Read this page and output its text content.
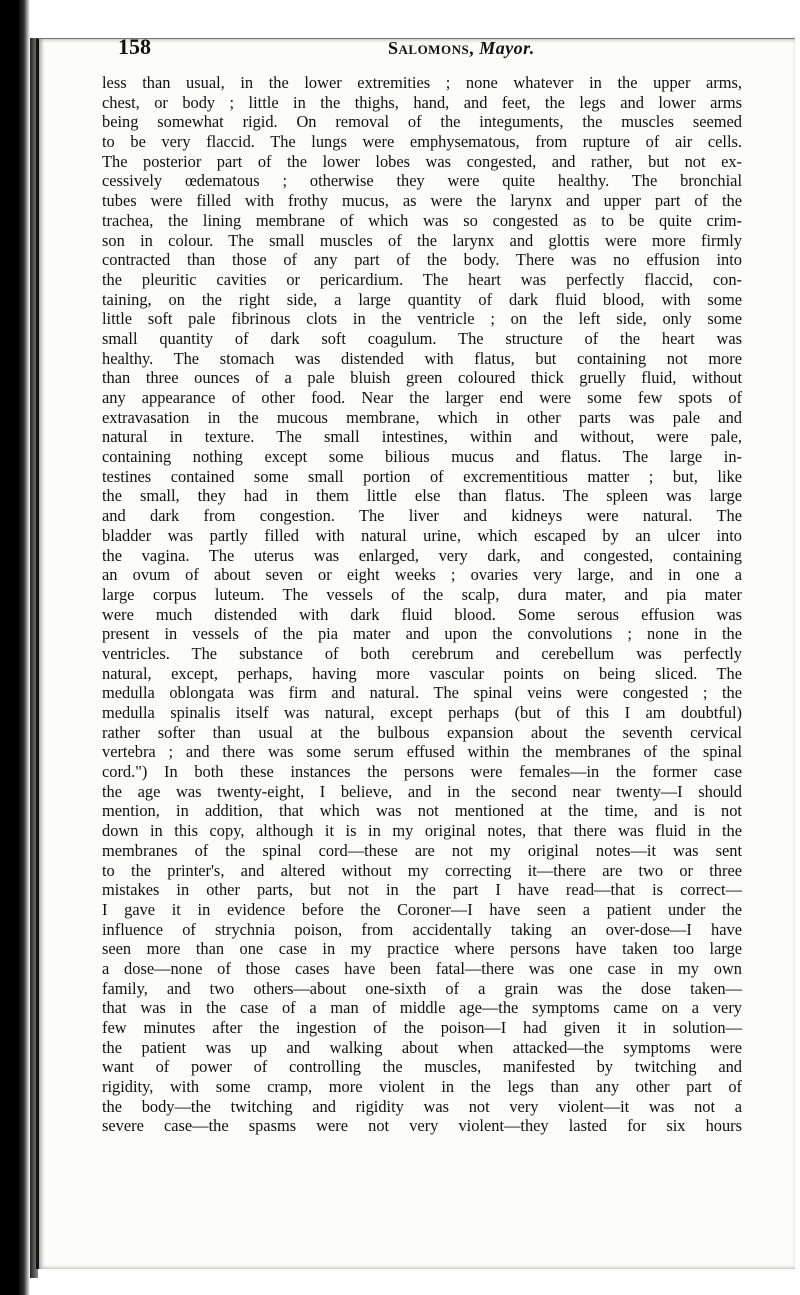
158	Salomons, Mayor.
less than usual, in the lower extremities ; none whatever in the upper arms,
chest, or body ; little in the thighs, hand, and feet, the legs and lower arms
being somewhat rigid. On removal of the integuments, the muscles seemed
to be very flaccid. The lungs were emphysematous, from rupture of air cells.
The posterior part of the lower lobes was congested, and rather, but not ex-
cessively œdematous ; otherwise they were quite healthy. The bronchial
tubes were filled with frothy mucus, as were the larynx and upper part of the
trachea, the lining membrane of which was so congested as to be quite crim-
son in colour. The small muscles of the larynx and glottis were more firmly
contracted than those of any part of the body. There was no effusion into
the pleuritic cavities or pericardium. The heart was perfectly flaccid, con-
taining, on the right side, a large quantity of dark fluid blood, with some
little soft pale fibrinous clots in the ventricle ; on the left side, only some
small quantity of dark soft coagulum. The structure of the heart was
healthy. The stomach was distended with flatus, but containing not more
than three ounces of a pale bluish green coloured thick gruelly fluid, without
any appearance of other food. Near the larger end were some few spots of
extravasation in the mucous membrane, which in other parts was pale and
natural in texture. The small intestines, within and without, were pale,
containing nothing except some bilious mucus and flatus. The large in-
testines contained some small portion of excrementitious matter ; but, like
the small, they had in them little else than flatus. The spleen was large
and dark from congestion. The liver and kidneys were natural. The
bladder was partly filled with natural urine, which escaped by an ulcer into
the vagina. The uterus was enlarged, very dark, and congested, containing
an ovum of about seven or eight weeks ; ovaries very large, and in one a
large corpus luteum. The vessels of the scalp, dura mater, and pia mater
were much distended with dark fluid blood. Some serous effusion was
present in vessels of the pia mater and upon the convolutions ; none in the
ventricles. The substance of both cerebrum and cerebellum was perfectly
natural, except, perhaps, having more vascular points on being sliced. The
medulla oblongata was firm and natural. The spinal veins were congested ; the
medulla spinalis itself was natural, except perhaps (but of this I am doubtful)
rather softer than usual at the bulbous expansion about the seventh cervical
vertebra ; and there was some serum effused within the membranes of the spinal
cord.") In both these instances the persons were females—in the former case
the age was twenty-eight, I believe, and in the second near twenty—I should
mention, in addition, that which was not mentioned at the time, and is not
down in this copy, although it is in my original notes, that there was fluid in the
membranes of the spinal cord—these are not my original notes—it was sent
to the printer's, and altered without my correcting it—there are two or three
mistakes in other parts, but not in the part I have read—that is correct—
I gave it in evidence before the Coroner—I have seen a patient under the
influence of strychnia poison, from accidentally taking an over-dose—I have
seen more than one case in my practice where persons have taken too large
a dose—none of those cases have been fatal—there was one case in my own
family, and two others—about one-sixth of a grain was the dose taken—
that was in the case of a man of middle age—the symptoms came on a very
few minutes after the ingestion of the poison—I had given it in solution—
the patient was up and walking about when attacked—the symptoms were
want of power of controlling the muscles, manifested by twitching and
rigidity, with some cramp, more violent in the legs than any other part of
the body—the twitching and rigidity was not very violent—it was not a
severe case—the spasms were not very violent—they lasted for six hours
